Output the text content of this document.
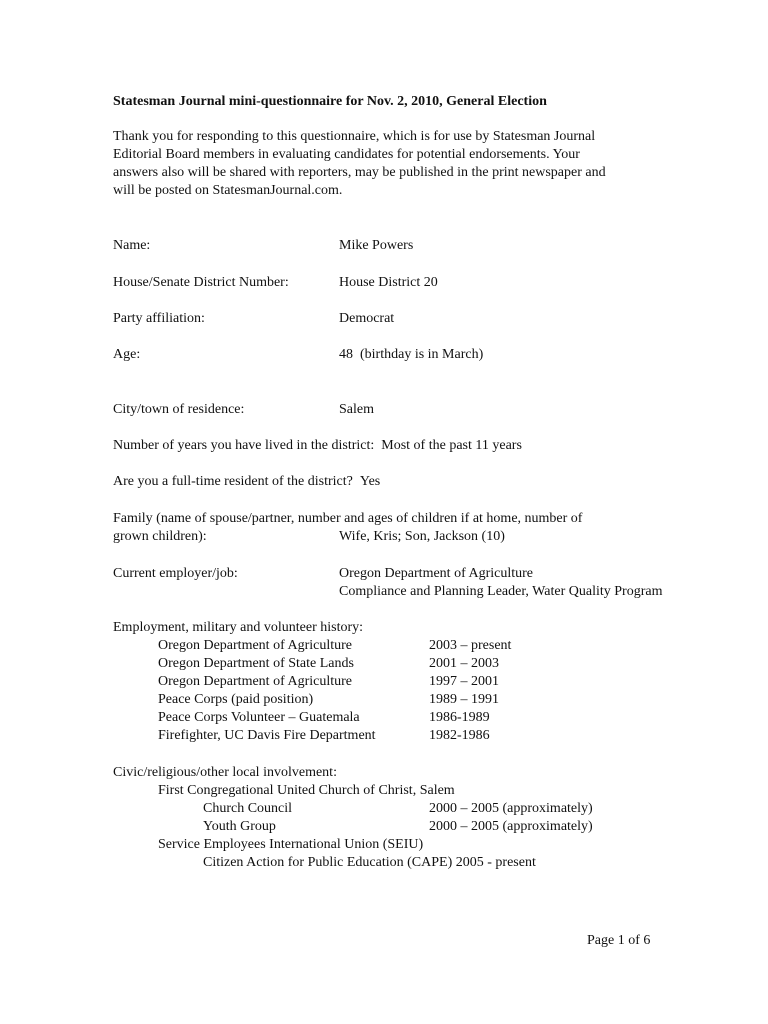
Statesman Journal mini-questionnaire for Nov. 2, 2010, General Election
Thank you for responding to this questionnaire, which is for use by Statesman Journal
Editorial Board members in evaluating candidates for potential endorsements. Your
answers also will be shared with reporters, may be published in the print newspaper and
will be posted on StatesmanJournal.com.
Name:	Mike Powers
House/Senate District Number:	House District 20
Party affiliation:	Democrat
Age:	48  (birthday is in March)
City/town of residence:	Salem
Number of years you have lived in the district: Most of the past 11 years
Are you a full-time resident of the district? Yes
Family (name of spouse/partner, number and ages of children if at home, number of
grown children):	Wife, Kris; Son, Jackson (10)
Current employer/job:	Oregon Department of Agriculture
Compliance and Planning Leader, Water Quality Program
Employment, military and volunteer history:
Oregon Department of Agriculture	2003 – present
Oregon Department of State Lands	2001 – 2003
Oregon Department of Agriculture	1997 – 2001
Peace Corps (paid position)	1989 – 1991
Peace Corps Volunteer – Guatemala	1986-1989
Firefighter, UC Davis Fire Department	1982-1986
Civic/religious/other local involvement:
First Congregational United Church of Christ, Salem
Church Council	2000 – 2005 (approximately)
Youth Group	2000 – 2005 (approximately)
Service Employees International Union (SEIU)
Citizen Action for Public Education (CAPE) 2005 - present
Page 1 of 6
